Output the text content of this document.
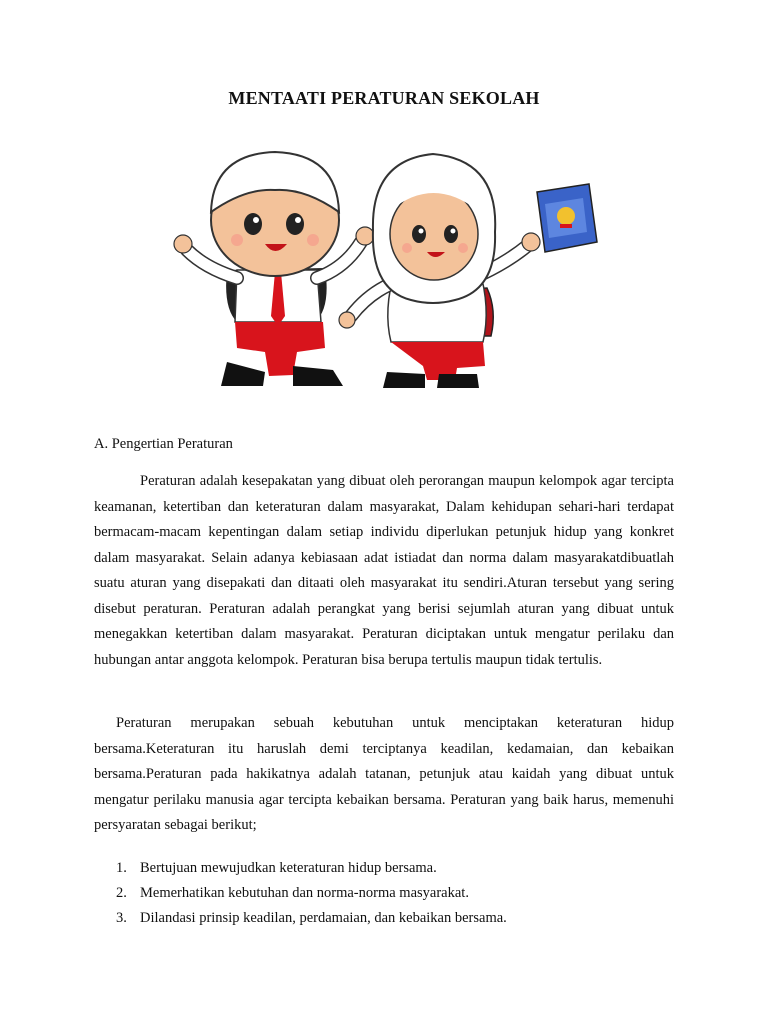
MENTAATI PERATURAN SEKOLAH
A. Pengertian Peraturan

Peraturan adalah kesepakatan yang dibuat oleh perorangan maupun kelompok agar tercipta keamanan, ketertiban dan keteraturan dalam masyarakat, Dalam kehidupan sehari-hari terdapat bermacam-macam kepentingan dalam setiap individu diperlukan petunjuk hidup yang konkret dalam masyarakat. Selain adanya kebiasaan adat istiadat dan norma dalam masyarakatdibuatlah suatu aturan yang disepakati dan ditaati oleh masyarakat itu sendiri.Aturan tersebut yang sering disebut peraturan. Peraturan adalah perangkat yang berisi sejumlah aturan yang dibuat untuk menegakkan ketertiban dalam masyarakat. Peraturan diciptakan untuk mengatur perilaku dan hubungan antar anggota kelompok. Peraturan bisa berupa tertulis maupun tidak tertulis.

Peraturan merupakan sebuah kebutuhan untuk menciptakan keteraturan hidup bersama.Keteraturan itu haruslah demi terciptanya keadilan, kedamaian, dan kebaikan bersama.Peraturan pada hakikatnya adalah tatanan, petunjuk atau kaidah yang dibuat untuk mengatur perilaku manusia agar tercipta kebaikan bersama. Peraturan yang baik harus, memenuhi persyaratan sebagai berikut;

1. Bertujuan mewujudkan keteraturan hidup bersama.
2. Memerhatikan kebutuhan dan norma-norma masyarakat.
3. Dilandasi prinsip keadilan, perdamaian, dan kebaikan bersama.
